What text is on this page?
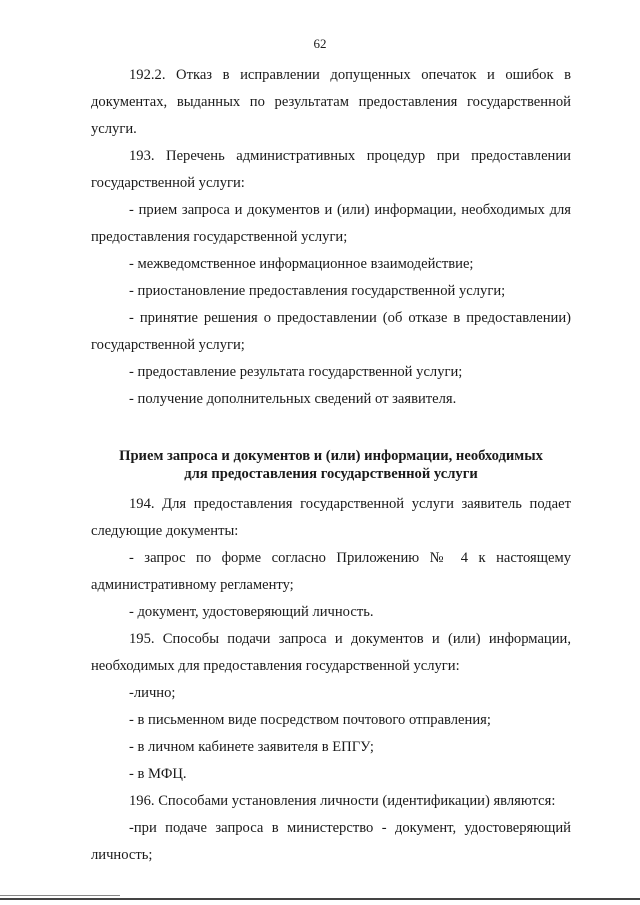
62

192.2. Отказ в исправлении допущенных опечаток и ошибок в документах, выданных по результатам предоставления государственной услуги.

193. Перечень административных процедур при предоставлении государственной услуги:

- прием запроса и документов и (или) информации, необходимых для предоставления государственной услуги;

- межведомственное информационное взаимодействие;

- приостановление предоставления государственной услуги;

- принятие решения о предоставлении (об отказе в предоставлении) государственной услуги;

- предоставление результата государственной услуги;

- получение дополнительных сведений от заявителя.

Прием запроса и документов и (или) информации, необходимых
для предоставления государственной услуги

194. Для предоставления государственной услуги заявитель подает следующие документы:

- запрос по форме согласно Приложению № 4 к настоящему административному регламенту;

- документ, удостоверяющий личность.

195. Способы подачи запроса и документов и (или) информации, необходимых для предоставления государственной услуги:

-лично;

- в письменном виде посредством почтового отправления;

- в личном кабинете заявителя в ЕПГУ;

- в МФЦ.

196. Способами установления личности (идентификации) являются:

-при подаче запроса в министерство - документ, удостоверяющий личность;
